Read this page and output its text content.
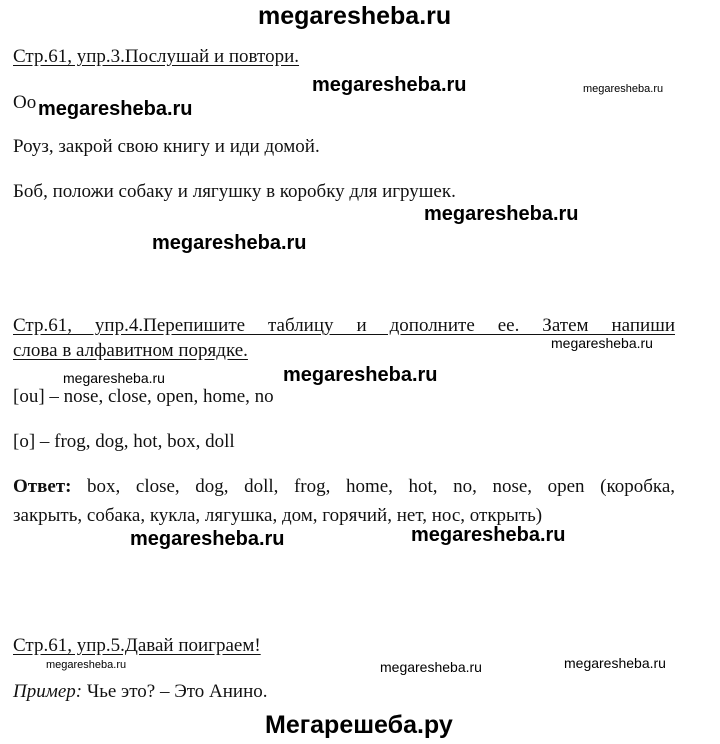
megaresheba.ru
Стр.61, упр.3.Послушай и повтори.
megaresheba.ru	megaresheba.ru
Oo megaresheba.ru
Роуз, закрой свою книгу и иди домой.
Боб, положи собаку и лягушку в коробку для игрушек.
megaresheba.ru
megaresheba.ru
Стр.61, упр.4.Перепишите таблицу и дополните ее. Затем напиши
слова в алфавитном порядке.	megaresheba.ru
megaresheba.ru	megaresheba.ru
[ou] – nose, close, open, home, no
[o] – frog, dog, hot, box, doll
Ответ: box, close, dog, doll, frog, home, hot, no, nose, open (коробка,
закрыть, собака, кукла, лягушка, дом, горячий, нет, нос, открыть)
megaresheba.ru	megaresheba.ru
Стр.61, упр.5.Давай поиграем!
megaresheba.ru	megaresheba.ru	megaresheba.ru
Пример: Чье это? – Это Анино.
Мегарешеба.ру
